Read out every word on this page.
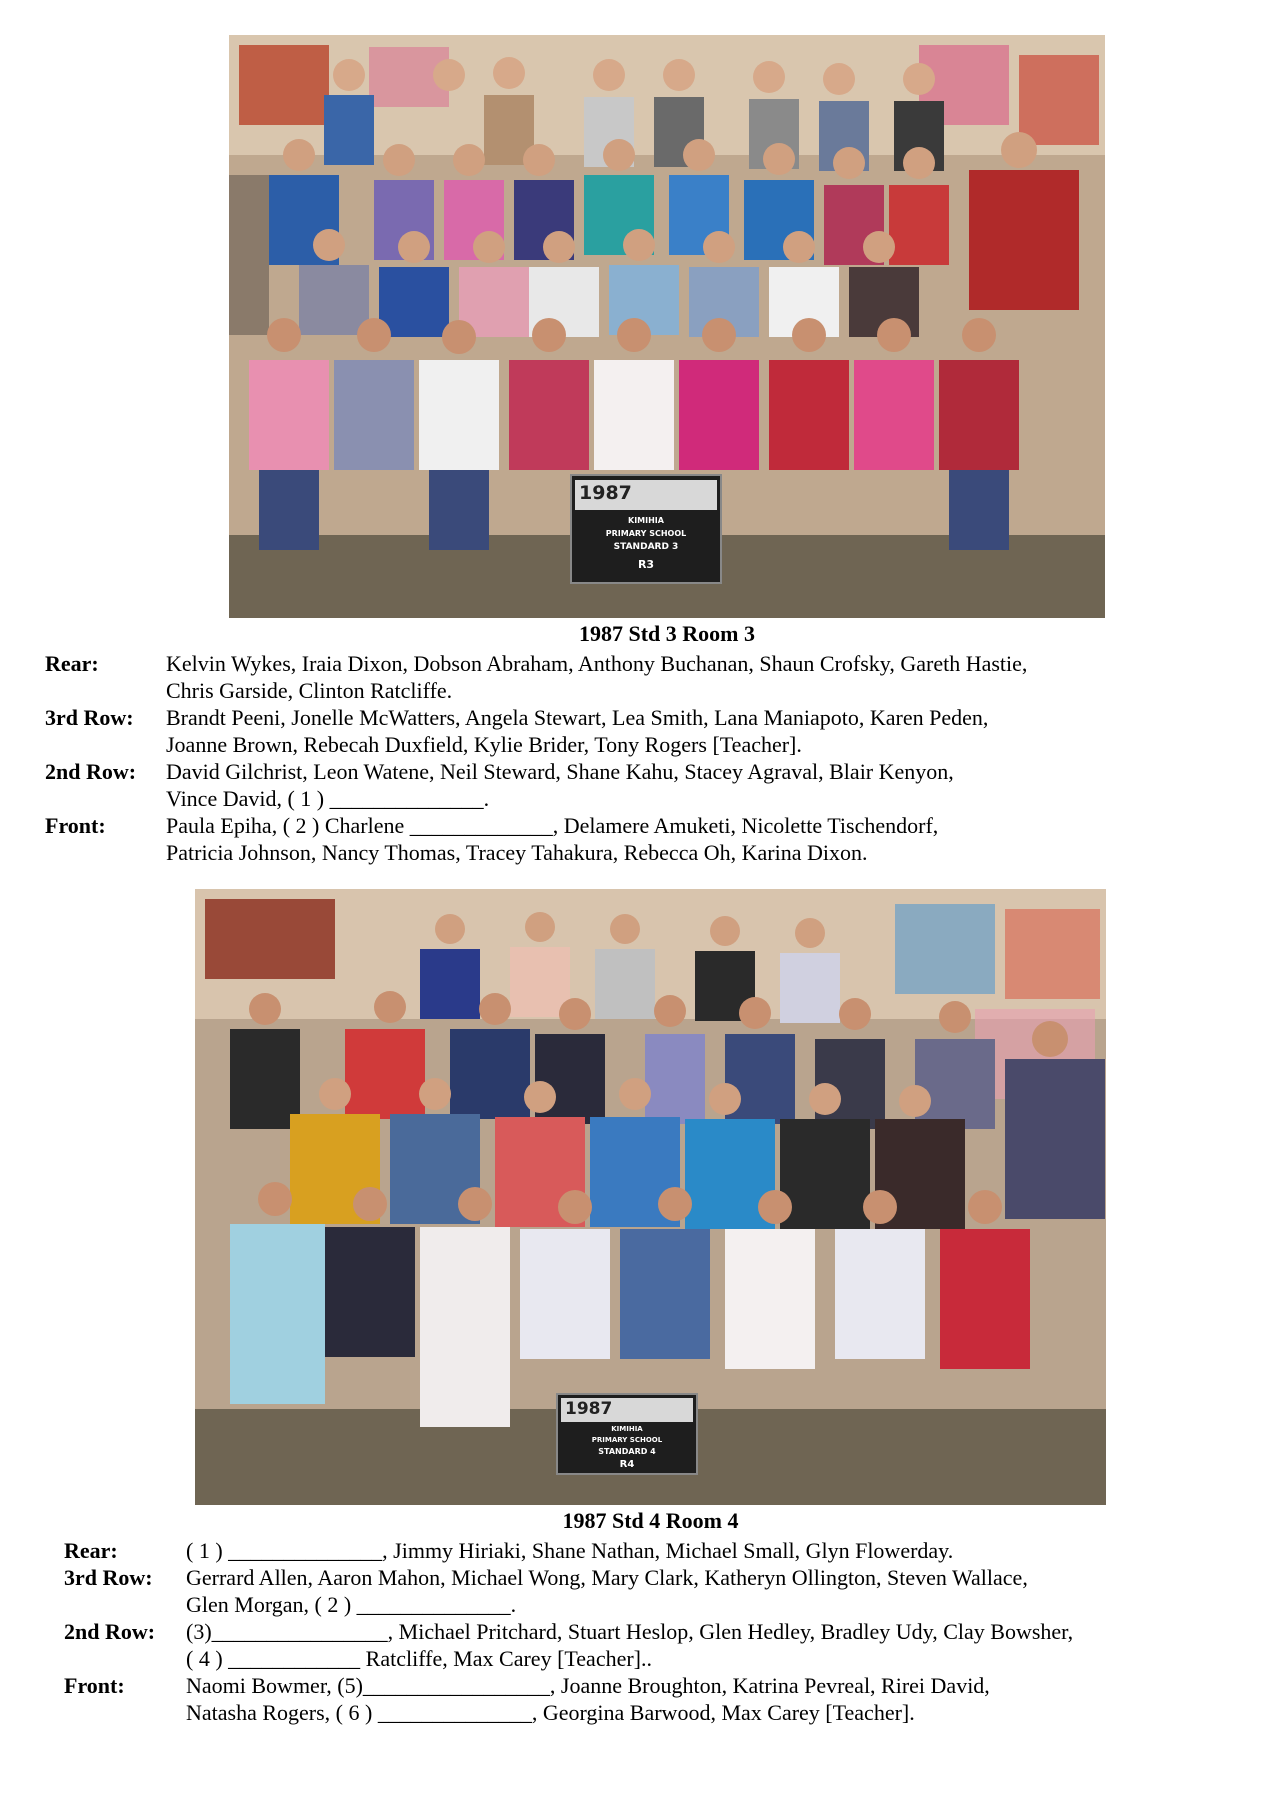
1987
KIMIHIA
PRIMARY SCHOOL
STANDARD 3
R3
1987 Std 3 Room 3
Rear:	Kelvin Wykes, Iraia Dixon, Dobson Abraham, Anthony Buchanan, Shaun Crofsky, Gareth Hastie,
Chris Garside, Clinton Ratcliffe.
3rd Row:	Brandt Peeni, Jonelle McWatters, Angela Stewart, Lea Smith, Lana Maniapoto, Karen Peden,
Joanne Brown, Rebecah Duxfield, Kylie Brider, Tony Rogers [Teacher].
2nd Row:	David Gilchrist, Leon Watene, Neil Steward, Shane Kahu, Stacey Agraval, Blair Kenyon,
Vince David, ( 1 ) ______________.
Front:	Paula Epiha, ( 2 ) Charlene _____________, Delamere Amuketi, Nicolette Tischendorf,
Patricia Johnson, Nancy Thomas, Tracey Tahakura, Rebecca Oh, Karina Dixon.
1987
KIMIHIA
PRIMARY SCHOOL
STANDARD 4
R4
1987 Std 4 Room 4
Rear:	( 1 ) ______________, Jimmy Hiriaki, Shane Nathan, Michael Small, Glyn Flowerday.
3rd Row:	Gerrard Allen, Aaron Mahon, Michael Wong, Mary Clark, Katheryn Ollington, Steven Wallace,
Glen Morgan, ( 2 ) ______________.
2nd Row:	(3)________________, Michael Pritchard, Stuart Heslop, Glen Hedley, Bradley Udy, Clay Bowsher,
( 4 ) ____________ Ratcliffe, Max Carey [Teacher]..
Front:	Naomi Bowmer, (5)_________________, Joanne Broughton, Katrina Pevreal, Rirei David,
Natasha Rogers, ( 6 ) ______________, Georgina Barwood, Max Carey [Teacher].
